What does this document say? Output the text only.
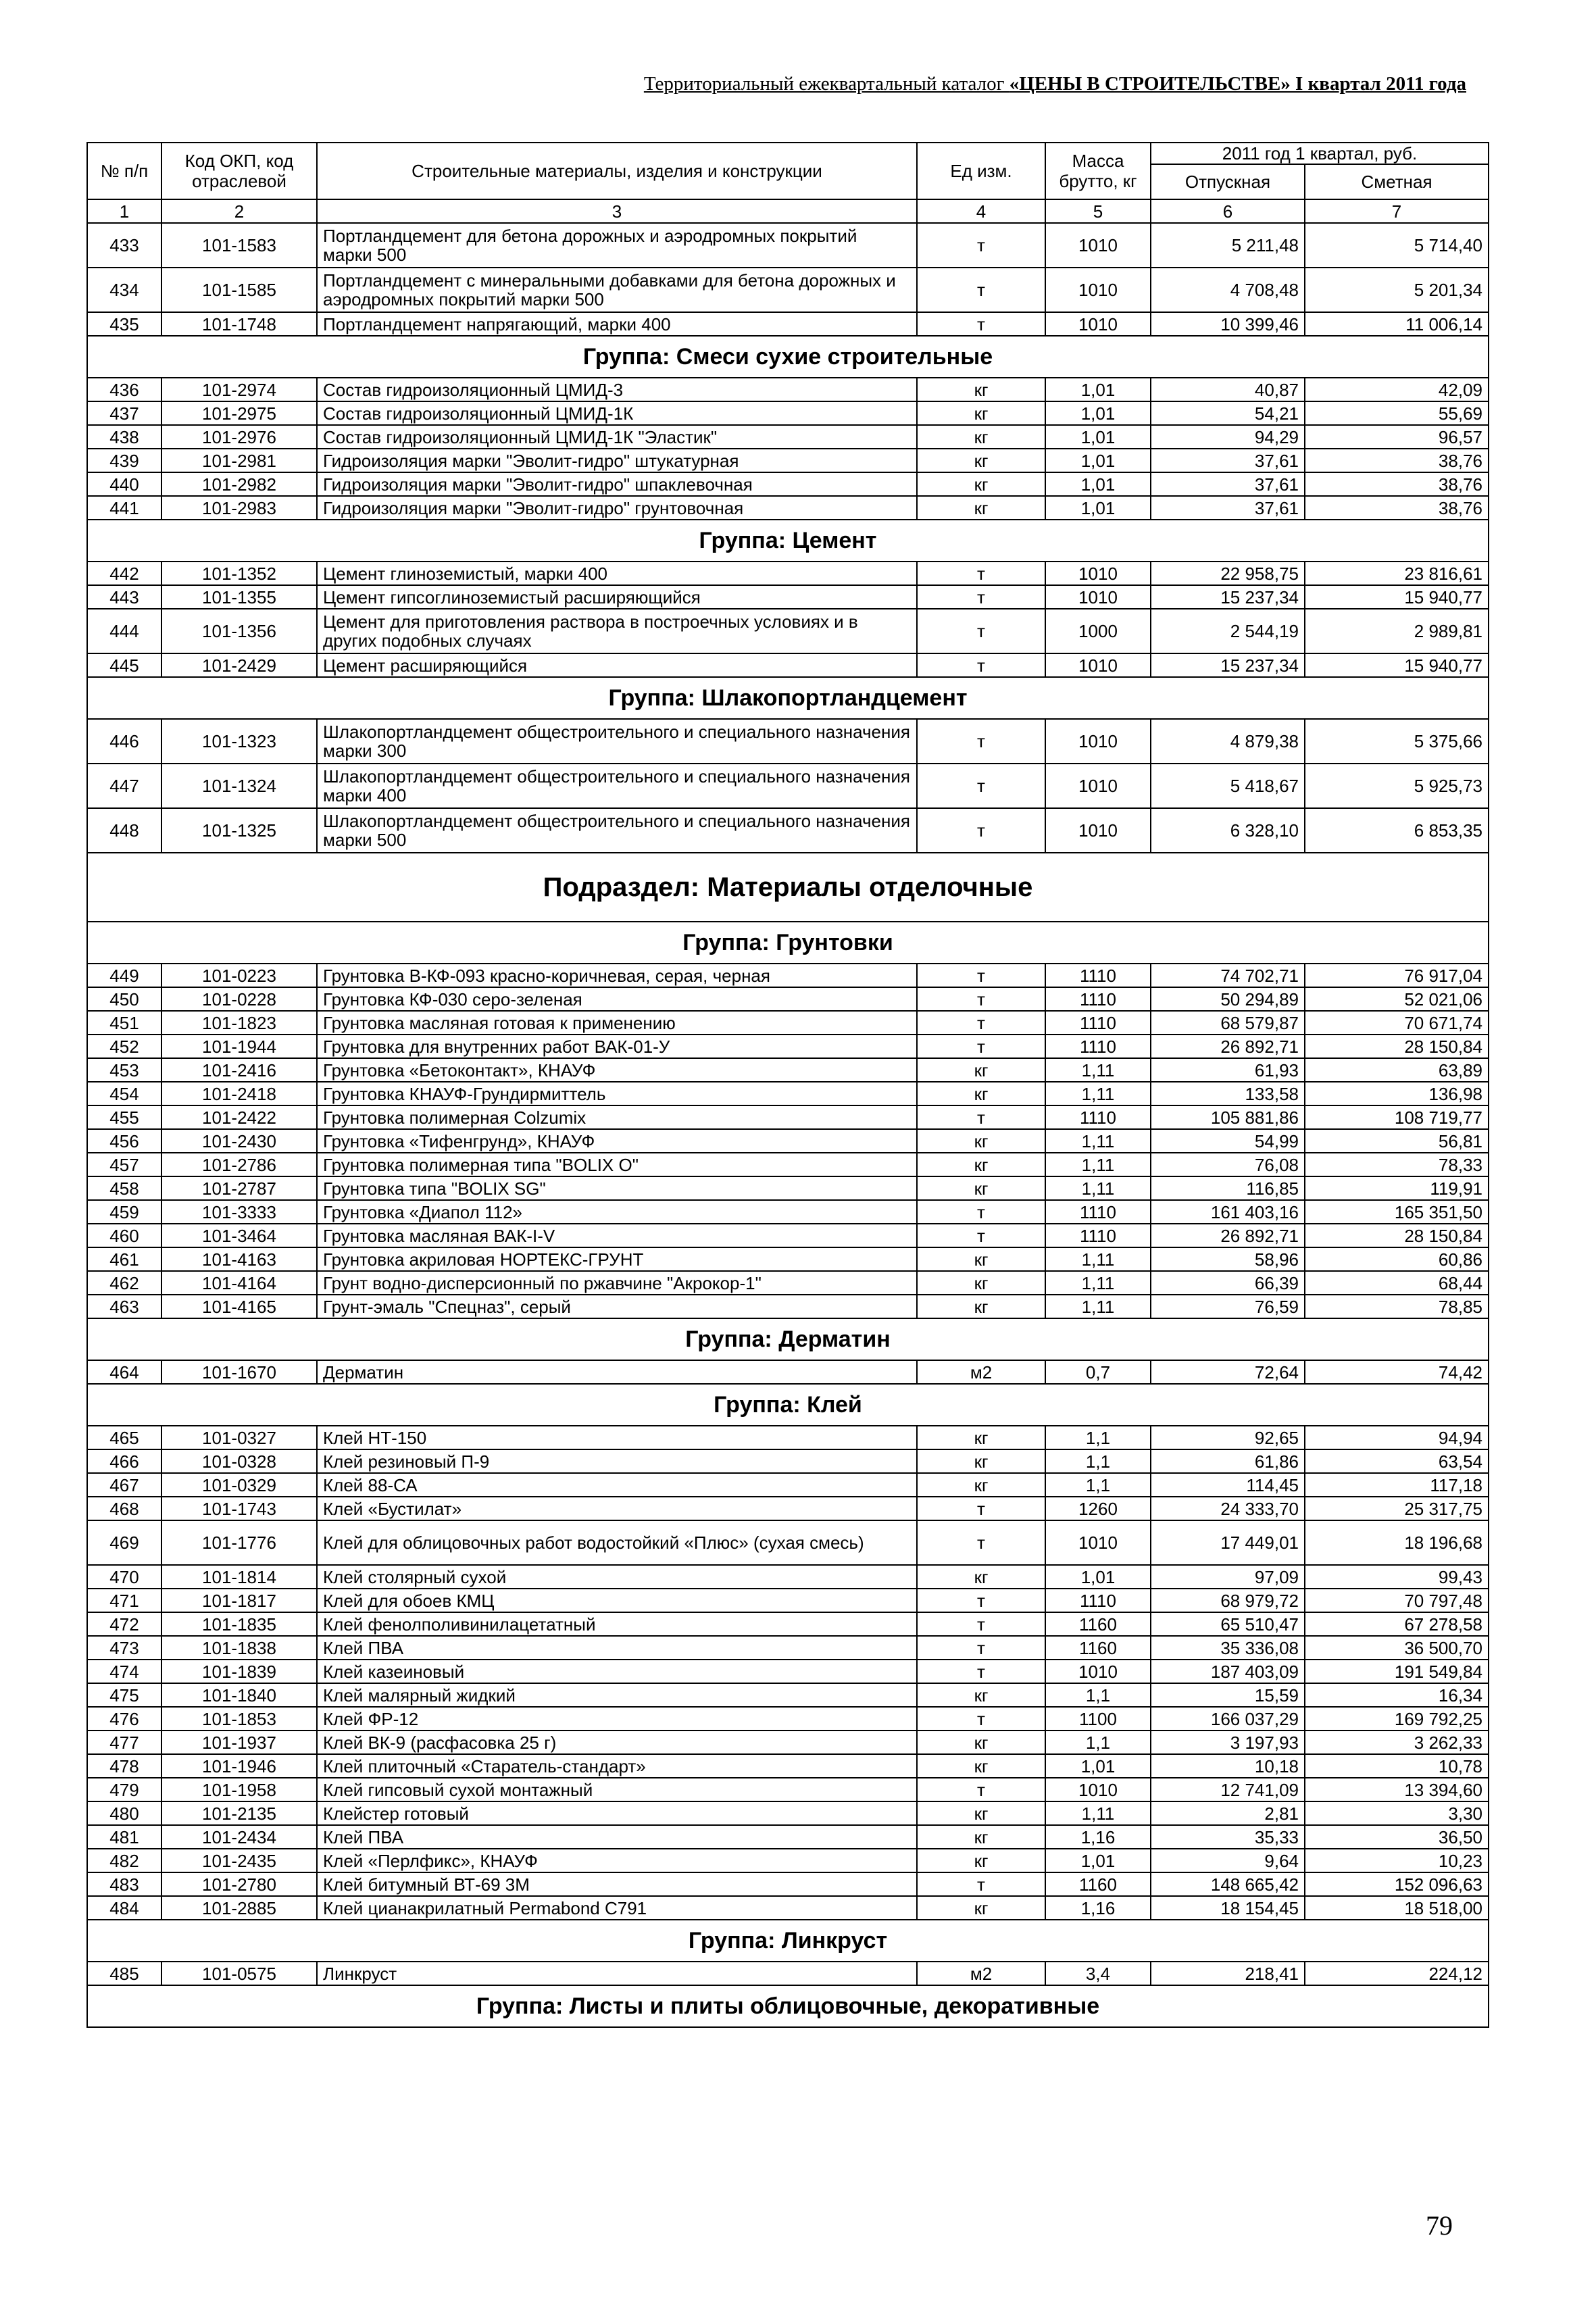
Территориальный ежеквартальный каталог «ЦЕНЫ В СТРОИТЕЛЬСТВЕ» I квартал 2011 года
№ п/п	Код ОКП, код отраслевой	Строительные материалы, изделия и конструкции	Ед изм.	Масса брутто, кг	2011 год 1 квартал, руб.	
					Отпускная	Сметная
1	2	3	4	5	6	7
433	101-1583	Портландцемент для бетона дорожных и аэродромных покрытий марки 500	т	1010	5 211,48	5 714,40
434	101-1585	Портландцемент с минеральными добавками для бетона дорожных и аэродромных покрытий марки 500	т	1010	4 708,48	5 201,34
435	101-1748	Портландцемент напрягающий, марки 400	т	1010	10 399,46	11 006,14
Группа: Смеси сухие строительные						
436	101-2974	Состав гидроизоляционный ЦМИД-3	кг	1,01	40,87	42,09
437	101-2975	Состав гидроизоляционный ЦМИД-1К	кг	1,01	54,21	55,69
438	101-2976	Состав гидроизоляционный ЦМИД-1К "Эластик"	кг	1,01	94,29	96,57
439	101-2981	Гидроизоляция марки "Эволит-гидро" штукатурная	кг	1,01	37,61	38,76
440	101-2982	Гидроизоляция марки "Эволит-гидро" шпаклевочная	кг	1,01	37,61	38,76
441	101-2983	Гидроизоляция марки "Эволит-гидро" грунтовочная	кг	1,01	37,61	38,76
Группа: Цемент						
442	101-1352	Цемент глиноземистый, марки 400	т	1010	22 958,75	23 816,61
443	101-1355	Цемент гипсоглиноземистый расширяющийся	т	1010	15 237,34	15 940,77
444	101-1356	Цемент для приготовления раствора в построечных условиях и в других подобных случаях	т	1000	2 544,19	2 989,81
445	101-2429	Цемент расширяющийся	т	1010	15 237,34	15 940,77
Группа: Шлакопортландцемент						
446	101-1323	Шлакопортландцемент общестроительного и специального назначения марки 300	т	1010	4 879,38	5 375,66
447	101-1324	Шлакопортландцемент общестроительного и специального назначения марки 400	т	1010	5 418,67	5 925,73
448	101-1325	Шлакопортландцемент общестроительного и специального назначения марки 500	т	1010	6 328,10	6 853,35
Подраздел: Материалы отделочные						
Группа: Грунтовки						
449	101-0223	Грунтовка В-КФ-093 красно-коричневая, серая, черная	т	1110	74 702,71	76 917,04
450	101-0228	Грунтовка КФ-030 серо-зеленая	т	1110	50 294,89	52 021,06
451	101-1823	Грунтовка масляная готовая к применению	т	1110	68 579,87	70 671,74
452	101-1944	Грунтовка для внутренних работ ВАК-01-У	т	1110	26 892,71	28 150,84
453	101-2416	Грунтовка «Бетоконтакт», КНАУФ	кг	1,11	61,93	63,89
454	101-2418	Грунтовка КНАУФ-Грундирмиттель	кг	1,11	133,58	136,98
455	101-2422	Грунтовка полимерная Colzumix	т	1110	105 881,86	108 719,77
456	101-2430	Грунтовка «Тифенгрунд», КНАУФ	кг	1,11	54,99	56,81
457	101-2786	Грунтовка полимерная типа "BOLIX O"	кг	1,11	76,08	78,33
458	101-2787	Грунтовка типа "BOLIX SG"	кг	1,11	116,85	119,91
459	101-3333	Грунтовка «Диапол 112»	т	1110	161 403,16	165 351,50
460	101-3464	Грунтовка масляная ВАК-I-V	т	1110	26 892,71	28 150,84
461	101-4163	Грунтовка акриловая НОРТЕКС-ГРУНТ	кг	1,11	58,96	60,86
462	101-4164	Грунт водно-дисперсионный по ржавчине "Акрокор-1"	кг	1,11	66,39	68,44
463	101-4165	Грунт-эмаль "Спецназ", серый	кг	1,11	76,59	78,85
Группа: Дерматин						
464	101-1670	Дерматин	м2	0,7	72,64	74,42
Группа: Клей						
465	101-0327	Клей НТ-150	кг	1,1	92,65	94,94
466	101-0328	Клей резиновый П-9	кг	1,1	61,86	63,54
467	101-0329	Клей 88-СА	кг	1,1	114,45	117,18
468	101-1743	Клей «Бустилат»	т	1260	24 333,70	25 317,75
469	101-1776	Клей для облицовочных работ водостойкий «Плюс» (сухая смесь)	т	1010	17 449,01	18 196,68
470	101-1814	Клей столярный сухой	кг	1,01	97,09	99,43
471	101-1817	Клей для обоев КМЦ	т	1110	68 979,72	70 797,48
472	101-1835	Клей фенолполивинилацетатный	т	1160	65 510,47	67 278,58
473	101-1838	Клей ПВА	т	1160	35 336,08	36 500,70
474	101-1839	Клей казеиновый	т	1010	187 403,09	191 549,84
475	101-1840	Клей малярный жидкий	кг	1,1	15,59	16,34
476	101-1853	Клей ФР-12	т	1100	166 037,29	169 792,25
477	101-1937	Клей ВК-9 (расфасовка 25 г)	кг	1,1	3 197,93	3 262,33
478	101-1946	Клей плиточный «Старатель-стандарт»	кг	1,01	10,18	10,78
479	101-1958	Клей гипсовый сухой монтажный	т	1010	12 741,09	13 394,60
480	101-2135	Клейстер готовый	кг	1,11	2,81	3,30
481	101-2434	Клей ПВА	кг	1,16	35,33	36,50
482	101-2435	Клей «Перлфикс», КНАУФ	кг	1,01	9,64	10,23
483	101-2780	Клей битумный ВТ-69 3М	т	1160	148 665,42	152 096,63
484	101-2885	Клей цианакрилатный Permabond C791	кг	1,16	18 154,45	18 518,00
Группа: Линкруст						
485	101-0575	Линкруст	м2	3,4	218,41	224,12
Группа: Листы и плиты облицовочные, декоративные						
79
